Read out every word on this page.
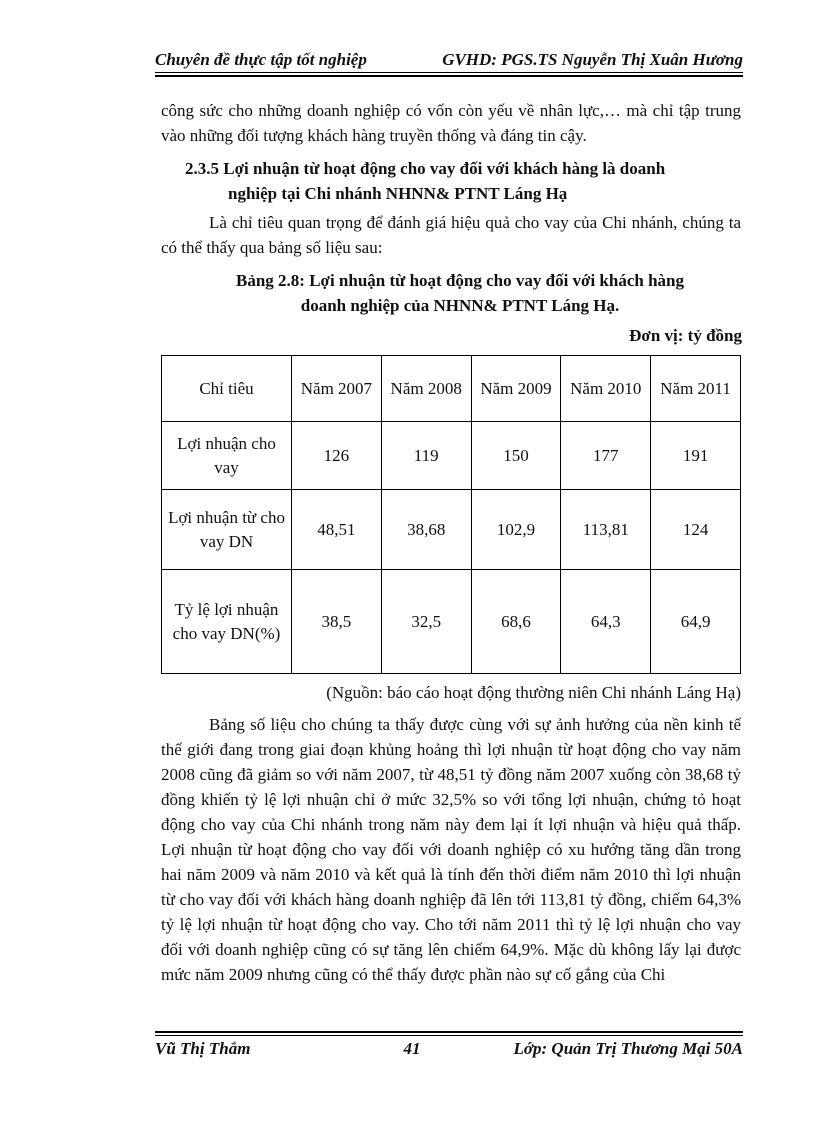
Chuyên đề thực tập tốt nghiệp	GVHD: PGS.TS Nguyễn Thị Xuân Hương
công sức cho những doanh nghiệp có vốn còn yếu về nhân lực,… mà chỉ tập trung vào những đối tượng khách hàng truyền thống và đáng tin cậy.
2.3.5 Lợi nhuận từ hoạt động cho vay đối với khách hàng là doanh
nghiệp tại Chi nhánh NHNN& PTNT Láng Hạ
Là chỉ tiêu quan trọng để đánh giá hiệu quả cho vay của Chi nhánh, chúng ta có thể thấy qua bảng số liệu sau:
Bảng 2.8: Lợi nhuận từ hoạt động cho vay đối với khách hàng
doanh nghiệp của NHNN& PTNT Láng Hạ.
Đơn vị: tỷ đồng
Chỉ tiêu	Năm 2007	Năm 2008	Năm 2009	Năm 2010	Năm 2011
Lợi nhuận cho vay	126	119	150	177	191
Lợi nhuận từ cho vay DN	48,51	38,68	102,9	113,81	124
Tỷ lệ lợi nhuận cho vay DN(%)	38,5	32,5	68,6	64,3	64,9
(Nguồn: báo cáo hoạt động thường niên Chi nhánh Láng Hạ)
Bảng số liệu cho chúng ta thấy được cùng với sự ảnh hưởng của nền kinh tế thế giới đang trong giai đoạn khủng hoảng thì lợi nhuận từ hoạt động cho vay năm 2008 cũng đã giảm so với năm 2007, từ 48,51 tỷ đồng năm 2007 xuống còn 38,68 tỷ đồng khiến tỷ lệ lợi nhuận chỉ ở mức 32,5% so với tổng lợi nhuận, chứng tỏ hoạt động cho vay của Chi nhánh trong năm này đem lại ít lợi nhuận và hiệu quả thấp. Lợi nhuận từ hoạt động cho vay đối với doanh nghiệp có xu hướng tăng dần trong hai năm 2009 và năm 2010 và kết quả là tính đến thời điểm năm 2010 thì lợi nhuận từ cho vay đối với khách hàng doanh nghiệp đã lên tới 113,81 tỷ đồng, chiếm 64,3% tỷ lệ lợi nhuận từ hoạt động cho vay. Cho tới năm 2011 thì tỷ lệ lợi nhuận cho vay đối với doanh nghiệp cũng có sự tăng lên chiếm 64,9%. Mặc dù không lấy lại được mức năm 2009 nhưng cũng có thể thấy được phần nào sự cố gắng của Chi
Vũ Thị Thắm	41	Lớp: Quản Trị Thương Mại 50A
